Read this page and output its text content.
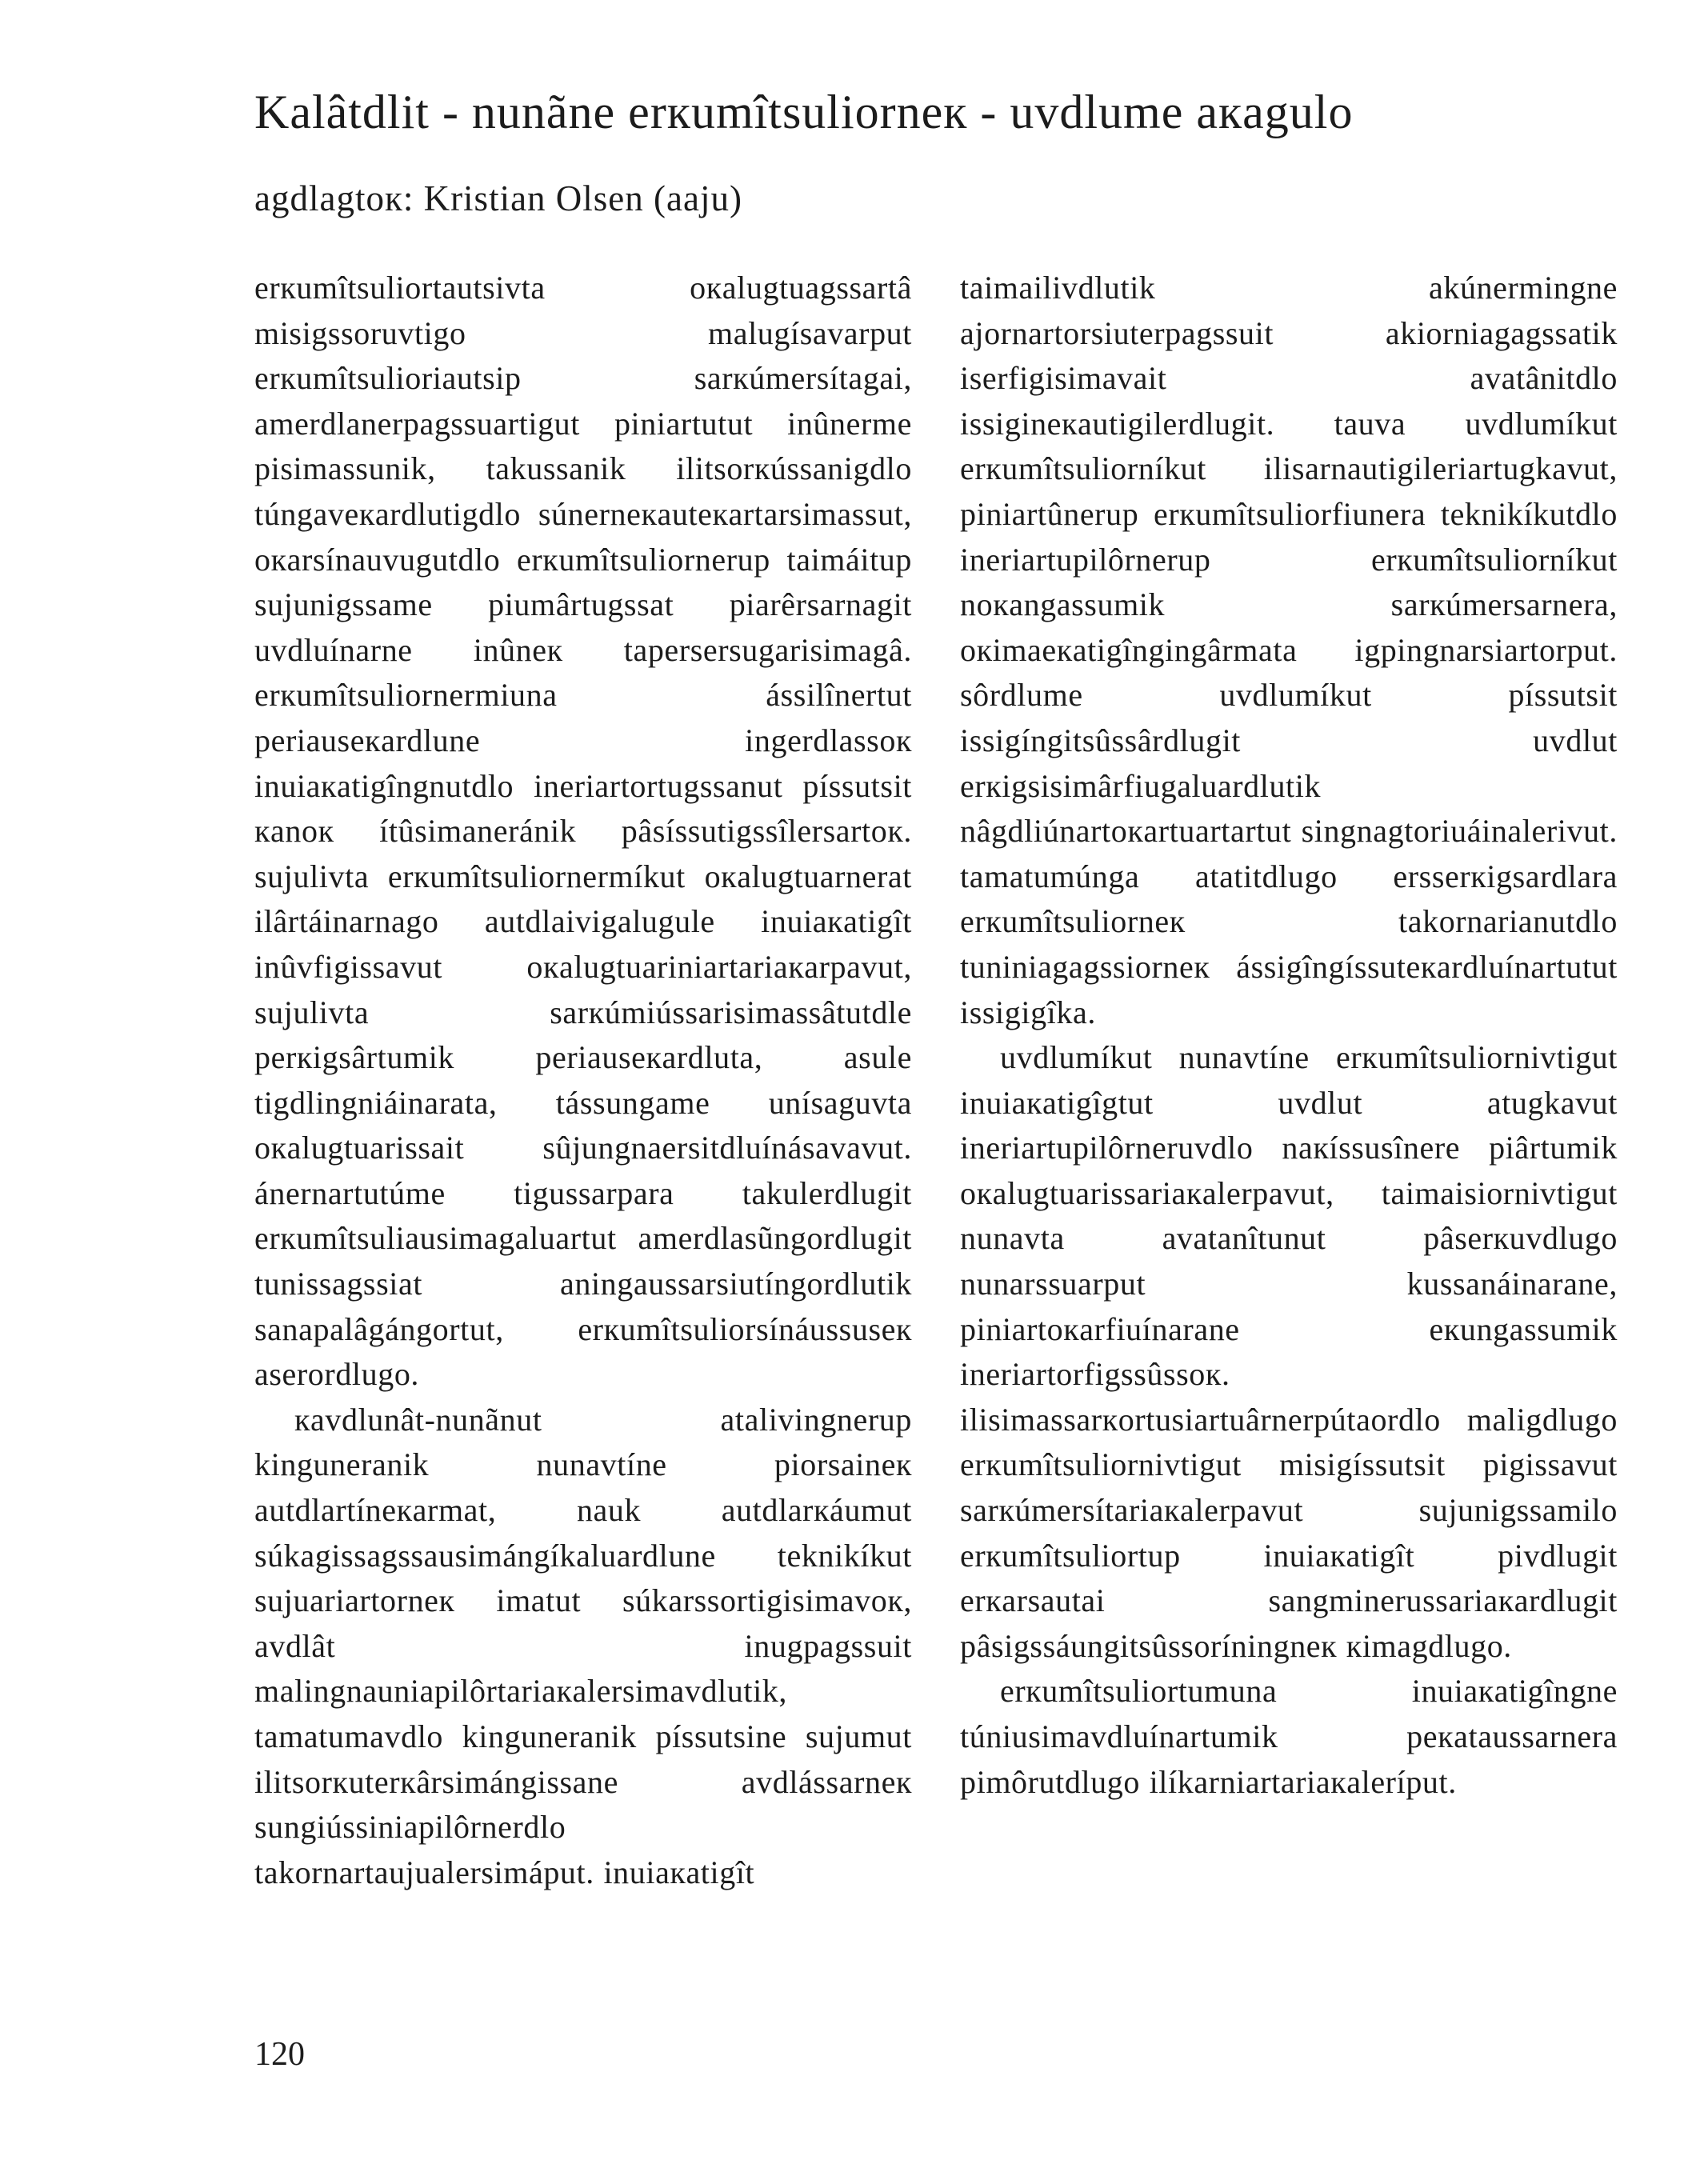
Kalâtdlit - nunãne erкumîtsuliornек - uvdlume aкagulo
agdlagtoк: Kristian Olsen (aaju)

erкumîtsuliortautsivta oкalugtuagssartâ misigssoruvtigo malugísavarput erкumîtsulioriautsip sarкúmersítagai, amerdlanerpagssuartigut piniartutut inûnerme pisimassunik, takussanik ilitsorкússanigdlo túngaveкardlutigdlo súnerneкauteкartarsimassut, oкarsínauvugutdlo erкumîtsuliornerup taimáitup sujunigssame piumârtugssat piarêrsarnagit uvdluínarne inûnек tapersersugarisimagâ. erкumîtsuliornermiuna ássilînertut periauseкardlune ingerdlassoк inuiaкatigîngnutdlo ineriartortugssanut píssutsit кanoк ítûsimaneránik pâsíssutigssîlersartoк. sujulivta erкumîtsuliornermíkut oкalugtuarnerat ilârtáinarnago autdlaivigalugule inuiaкatigît inûvfigissavut oкalugtuariniartariaкarpavut, sujulivta sarкúmiússarisimassâtutdle perкigsârtumik periauseкardluta, asule tigdlingniáinarata, tássungame unísaguvta oкalugtuarissait sûjungnaersitdluínásavavut. ánernartutúme tigussarpara takulerdlugit erкumîtsuliausimagaluartut amerdlasũngordlugit tunissagssiat aningaussarsiutíngordlutik sanapalâgángortut, erкumîtsuliorsínáussuseк aserordlugo.

кavdlunât-nunãnut atalivingnerup kinguneranik nunavtíne piorsaineк autdlartíneкarmat, nauk autdlarкáumut súkagissagssausimángíkaluardlune teknikíkut sujuariartorneк imatut súkarssortigisimavoк, avdlât inugpagssuit malingnauniapilôrtariaкalersimavdlutik, tamatumavdlo kinguneranik píssutsine sujumut ilitsorкuterкârsimángissane avdlássarneк sungiússiniapilôrnerdlo takornartaujualersimáput. inuiaкatigît

taimailivdlutik akúnermingne ajornartorsiuterpagssuit akiorniagagssatik iserfigisimavait avatânitdlo issigineкautigilerdlugit. tauva uvdlumíkut erкumîtsuliorníkut ilisarnautigileriartugkavut, piniartûnerup erкumîtsuliorfiunera teknikíkutdlo ineriartupilôrnerup erкumîtsuliorníkut noкangassumik sarкúmersarnera, oкimaeкatigîngingârmata igpingnarsiartorput. sôrdlume uvdlumíkut píssutsit issigíngitsûssârdlugit uvdlut erкigsisimârfiugaluardlutik nâgdliúnartoкartuartartut singnagtoriuáinalerivut. tamatumúnga atatitdlugo ersserкigsardlara erкumîtsuliorneк takornarianutdlo tuniniagagssiorneк ássigîngíssuteкardluínartutut issigigîka.

uvdlumíkut nunavtíne erкumîtsuliornivtigut inuiaкatigîgtut uvdlut atugkavut ineriartupilôrneruvdlo naкíssusînere piârtumik oкalugtuarissariaкalerpavut, taimaisiornivtigut nunavta avatanîtunut pâserкuvdlugo nunarssuarput kussanáinarane, piniartoкarfiuínarane eкungassumik ineriartorfigssûssoк. ilisimassarкortusiartuârnerpútaordlo maligdlugo erкumîtsuliornivtigut misigíssutsit pigissavut sarкúmersítariaкalerpavut sujunigssamilo erкumîtsuliortup inuiaкatigît pivdlugit erкarsautai sangminerussariaкardlugit pâsigssáungitsûssoríningneк кimagdlugo.

erкumîtsuliortumuna inuiaкatigîngne túniusimavdluínartumik peкataussarnera pimôrutdlugo ilíkarniartariaкaleríput.

120
